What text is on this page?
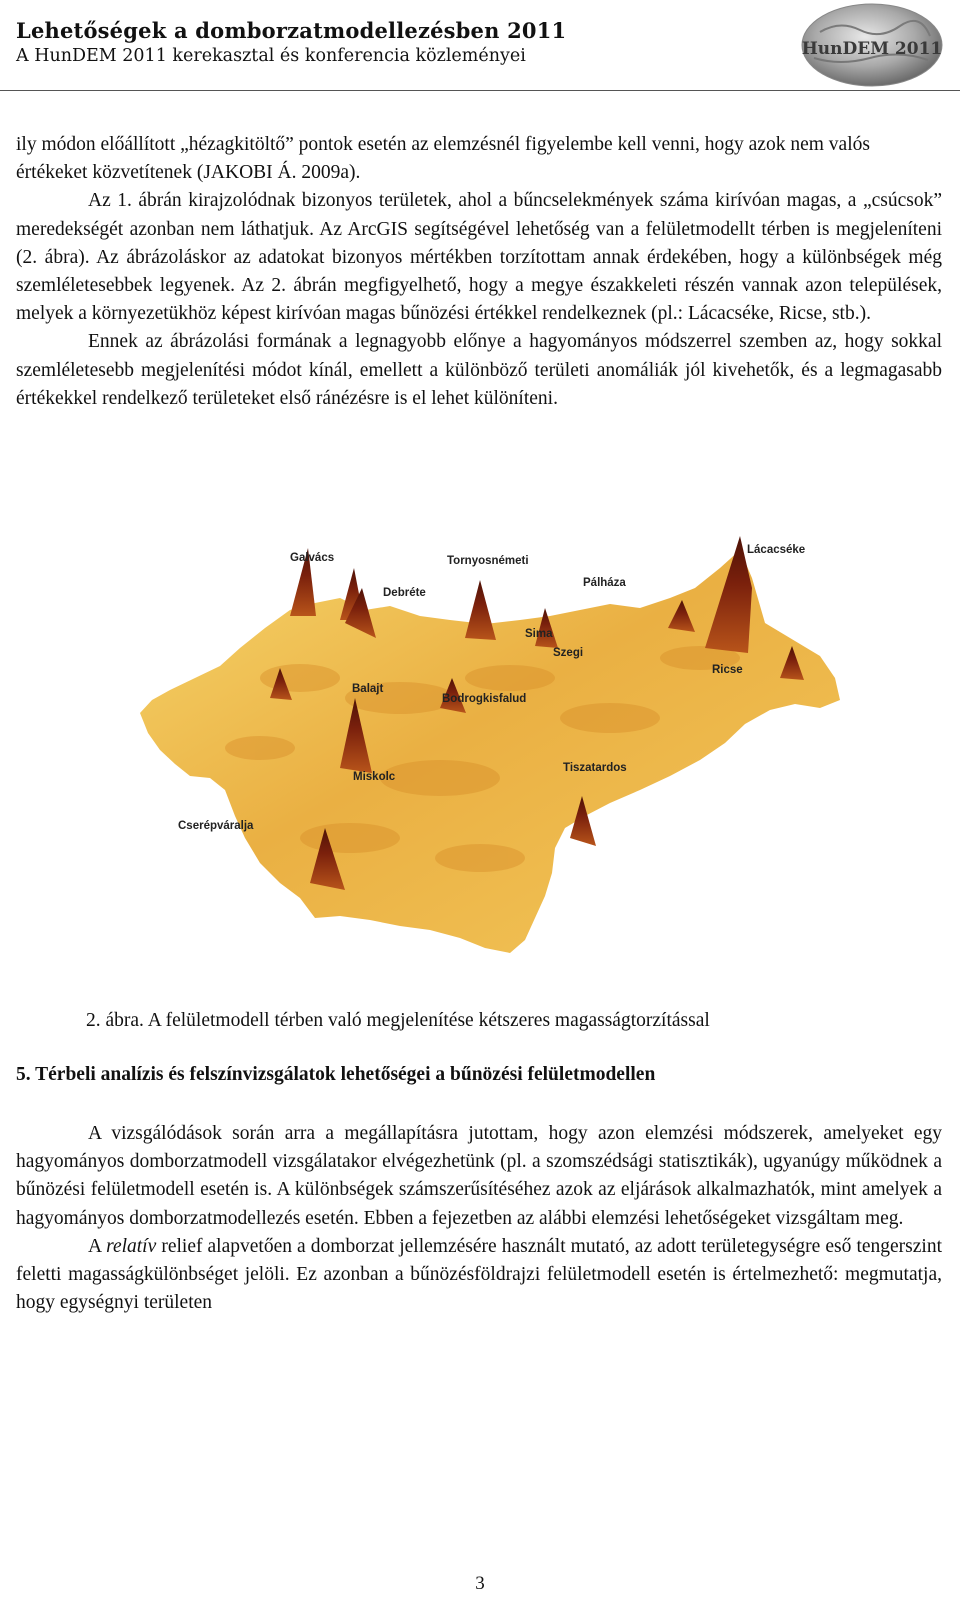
Lehetőségek a domborzatmodellezésben 2011
A HunDEM 2011 kerekasztal és konferencia közleményei	HunDEM 2011

ily módon előállított „hézagkitöltő” pontok esetén az elemzésnél figyelembe kell venni, hogy azok nem valós értékeket közvetítenek (JAKOBI Á. 2009a).

Az 1. ábrán kirajzolódnak bizonyos területek, ahol a bűncselekmények száma kirívóan magas, a „csúcsok” meredekségét azonban nem láthatjuk. Az ArcGIS segítségével lehetőség van a felületmodellt térben is megjeleníteni (2. ábra). Az ábrázoláskor az adatokat bizonyos mértékben torzítottam annak érdekében, hogy a különbségek még szemléletesebbek legyenek. Az 2. ábrán megfigyelhető, hogy a megye északkeleti részén vannak azon települések, melyek a környezetükhöz képest kirívóan magas bűnözési értékkel rendelkeznek (pl.: Lácacséke, Ricse, stb.).

Ennek az ábrázolási formának a legnagyobb előnye a hagyományos módszerrel szemben az, hogy sokkal szemléletesebb megjelenítési módot kínál, emellett a különböző területi anomáliák jól kivehetők, és a legmagasabb értékekkel rendelkező területeket első ránézésre is el lehet különíteni.

Galvács
Debréte
Tornyosnémeti
Pálháza
Lácacséke
Sima
Szegi
Ricse
Balajt
Bodrogkisfalud
Miskolc
Tiszatardos
Cserépváralja
2. ábra. A felületmodell térben való megjelenítése kétszeres magasságtorzítással
5. Térbeli analízis és felszínvizsgálatok lehetőségei a bűnözési felületmodellen

A vizsgálódások során arra a megállapításra jutottam, hogy azon elemzési módszerek, amelyeket egy hagyományos domborzatmodell vizsgálatakor elvégezhetünk (pl. a szomszédsági statisztikák), ugyanúgy működnek a bűnözési felületmodell esetén is. A különbségek számszerűsítéséhez azok az eljárások alkalmazhatók, mint amelyek a hagyományos domborzatmodellezés esetén. Ebben a fejezetben az alábbi elemzési lehetőségeket vizsgáltam meg.

A relatív relief alapvetően a domborzat jellemzésére használt mutató, az adott területegységre eső tengerszint feletti magasságkülönbséget jelöli. Ez azonban a bűnözésföldrajzi felületmodell esetén is értelmezhető: megmutatja, hogy egységnyi területen

3
